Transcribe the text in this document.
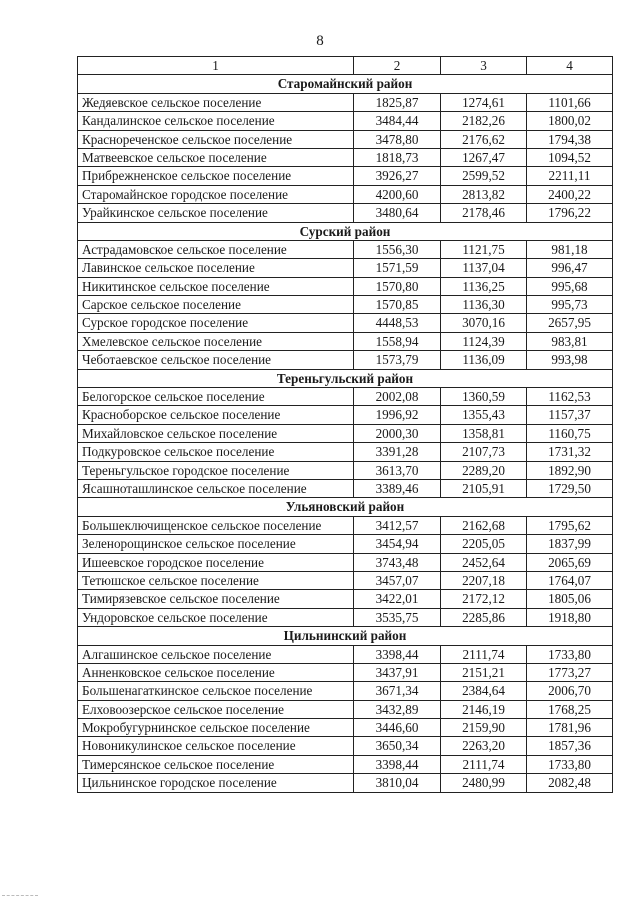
8
1	2	3	4
Старомайнский район			
Жедяевское сельское поселение	1825,87	1274,61	1101,66
Кандалинское сельское поселение	3484,44	2182,26	1800,02
Краснореченское сельское поселение	3478,80	2176,62	1794,38
Матвеевское сельское поселение	1818,73	1267,47	1094,52
Прибрежненское сельское поселение	3926,27	2599,52	2211,11
Старомайнское городское поселение	4200,60	2813,82	2400,22
Урайкинское сельское поселение	3480,64	2178,46	1796,22
Сурский район			
Астрадамовское сельское поселение	1556,30	1121,75	981,18
Лавинское сельское поселение	1571,59	1137,04	996,47
Никитинское сельское поселение	1570,80	1136,25	995,68
Сарское сельское поселение	1570,85	1136,30	995,73
Сурское городское поселение	4448,53	3070,16	2657,95
Хмелевское сельское поселение	1558,94	1124,39	983,81
Чеботаевское сельское поселение	1573,79	1136,09	993,98
Тереньгульский район			
Белогорское сельское поселение	2002,08	1360,59	1162,53
Красноборское сельское поселение	1996,92	1355,43	1157,37
Михайловское сельское поселение	2000,30	1358,81	1160,75
Подкуровское сельское поселение	3391,28	2107,73	1731,32
Тереньгульское городское поселение	3613,70	2289,20	1892,90
Ясашноташлинское сельское поселение	3389,46	2105,91	1729,50
Ульяновский район			
Большеключищенское сельское поселение	3412,57	2162,68	1795,62
Зеленорощинское сельское поселение	3454,94	2205,05	1837,99
Ишеевское городское поселение	3743,48	2452,64	2065,69
Тетюшское сельское поселение	3457,07	2207,18	1764,07
Тимирязевское сельское поселение	3422,01	2172,12	1805,06
Ундоровское сельское поселение	3535,75	2285,86	1918,80
Цильнинский район			
Алгашинское сельское поселение	3398,44	2111,74	1733,80
Анненковское сельское поселение	3437,91	2151,21	1773,27
Большенагаткинское сельское поселение	3671,34	2384,64	2006,70
Елховоозерское сельское поселение	3432,89	2146,19	1768,25
Мокробугурнинское сельское поселение	3446,60	2159,90	1781,96
Новоникулинское сельское поселение	3650,34	2263,20	1857,36
Тимерсянское сельское поселение	3398,44	2111,74	1733,80
Цильнинское городское поселение	3810,04	2480,99	2082,48
